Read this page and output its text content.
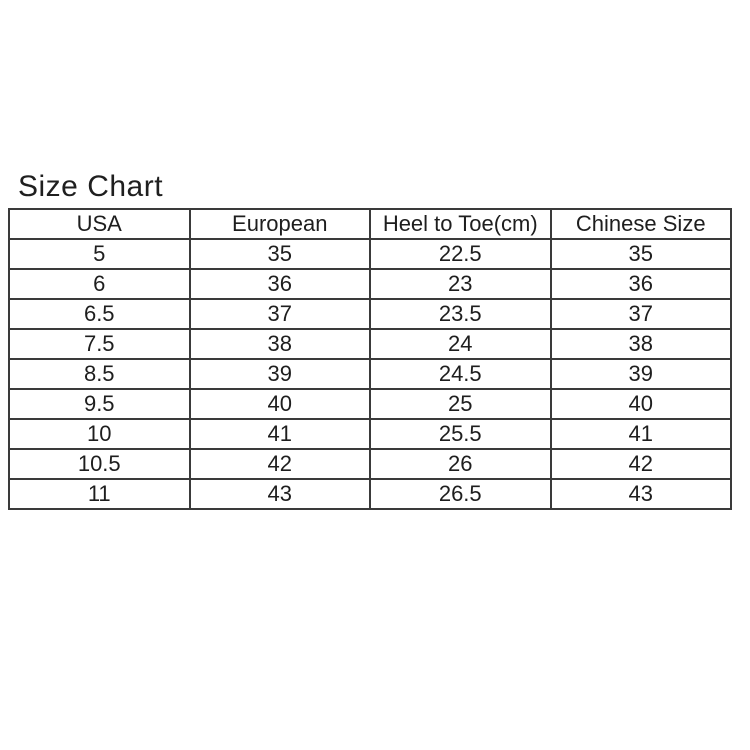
Size Chart
USA	European	Heel to Toe(cm)	Chinese Size
5	35	22.5	35
6	36	23	36
6.5	37	23.5	37
7.5	38	24	38
8.5	39	24.5	39
9.5	40	25	40
10	41	25.5	41
10.5	42	26	42
11	43	26.5	43
